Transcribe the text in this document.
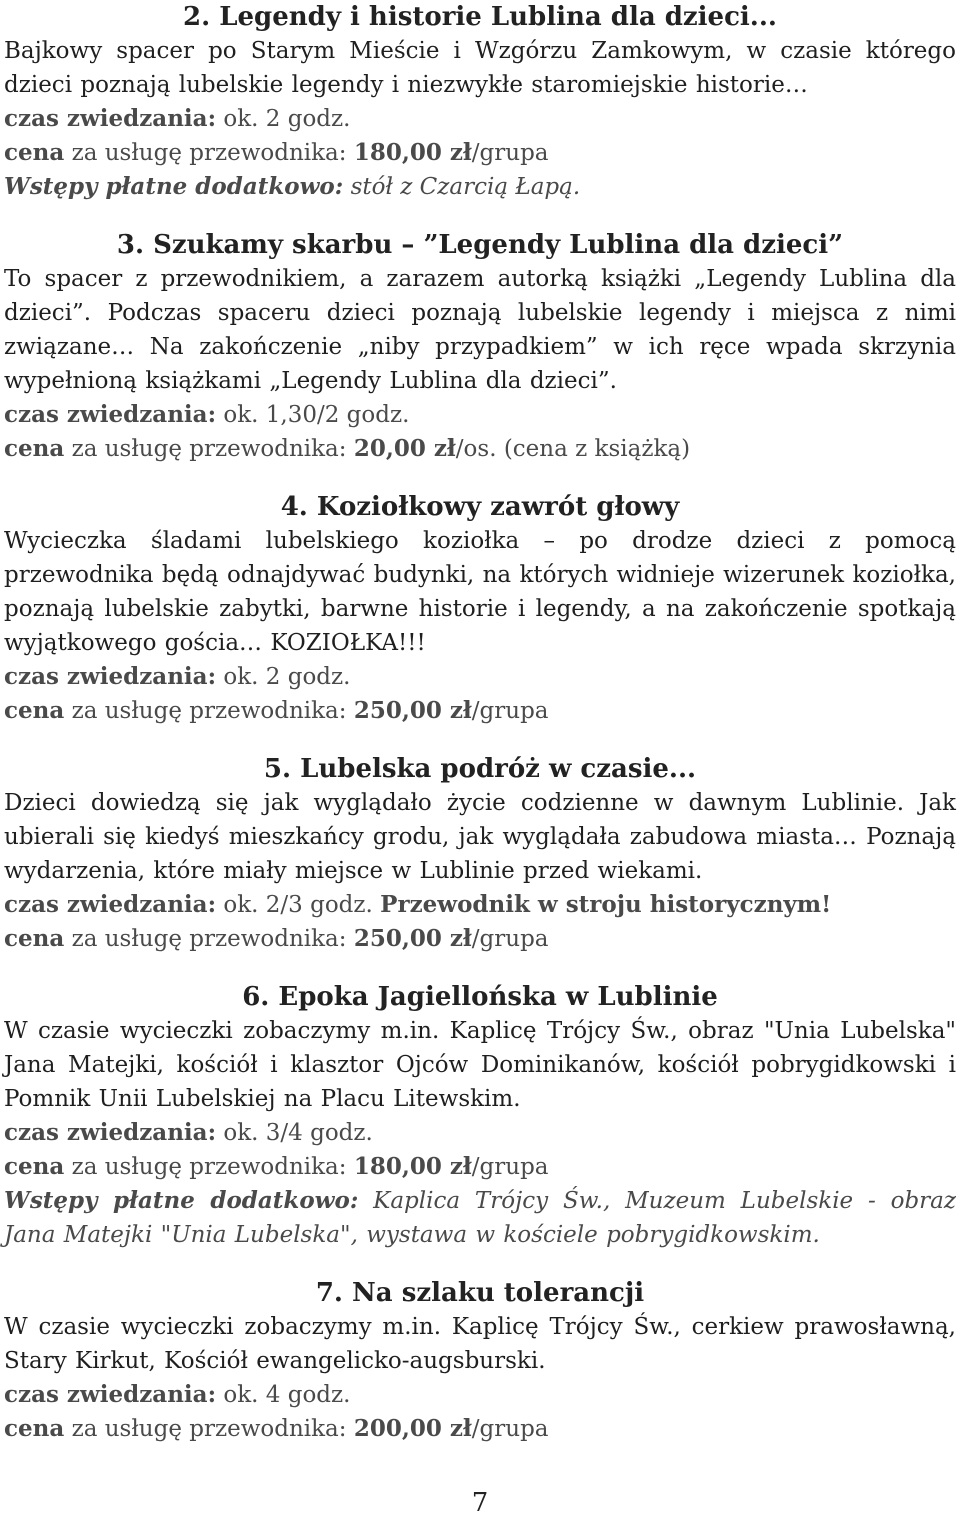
2. Legendy i historie Lublina dla dzieci...

Bajkowy spacer po Starym Mieście i Wzgórzu Zamkowym, w czasie którego dzieci poznają lubelskie legendy i niezwykłe staromiejskie historie…

czas zwiedzania: ok. 2 godz.

cena za usługę przewodnika: 180,00 zł/grupa

Wstępy płatne dodatkowo: stół z Czarcią Łapą.

3. Szukamy skarbu – ”Legendy Lublina dla dzieci”

To spacer z przewodnikiem, a zarazem autorką książki „Legendy Lublina dla dzieci”. Podczas spaceru dzieci poznają lubelskie legendy i miejsca z nimi związane… Na zakończenie „niby przypadkiem” w ich ręce wpada skrzynia wypełnioną książkami „Legendy Lublina dla dzieci”.

czas zwiedzania: ok. 1,30/2 godz.

cena za usługę przewodnika: 20,00 zł/os. (cena z książką)

4. Koziołkowy zawrót głowy

Wycieczka śladami lubelskiego koziołka – po drodze dzieci z pomocą przewodnika będą odnajdywać budynki, na których widnieje wizerunek koziołka, poznają lubelskie zabytki, barwne historie i legendy, a na zakończenie spotkają wyjątkowego gościa… KOZIOŁKA!!!

czas zwiedzania: ok. 2 godz.

cena za usługę przewodnika: 250,00 zł/grupa

5. Lubelska podróż w czasie...

Dzieci dowiedzą się jak wyglądało życie codzienne w dawnym Lublinie. Jak ubierali się kiedyś mieszkańcy grodu, jak wyglądała zabudowa miasta… Poznają wydarzenia, które miały miejsce w Lublinie przed wiekami.

czas zwiedzania: ok. 2/3 godz. Przewodnik w stroju historycznym!

cena za usługę przewodnika: 250,00 zł/grupa

6. Epoka Jagiellońska w Lublinie

W czasie wycieczki zobaczymy m.in. Kaplicę Trójcy Św., obraz "Unia Lubelska" Jana Matejki, kościół i klasztor Ojców Dominikanów, kościół pobrygidkowski i Pomnik Unii Lubelskiej na Placu Litewskim.

czas zwiedzania: ok. 3/4 godz.

cena za usługę przewodnika: 180,00 zł/grupa

Wstępy płatne dodatkowo: Kaplica Trójcy Św., Muzeum Lubelskie - obraz Jana Matejki "Unia Lubelska", wystawa w kościele pobrygidkowskim.

7. Na szlaku tolerancji

W czasie wycieczki zobaczymy m.in. Kaplicę Trójcy Św., cerkiew prawosławną, Stary Kirkut, Kościół ewangelicko-augsburski.

czas zwiedzania: ok. 4 godz.

cena za usługę przewodnika: 200,00 zł/grupa

7
